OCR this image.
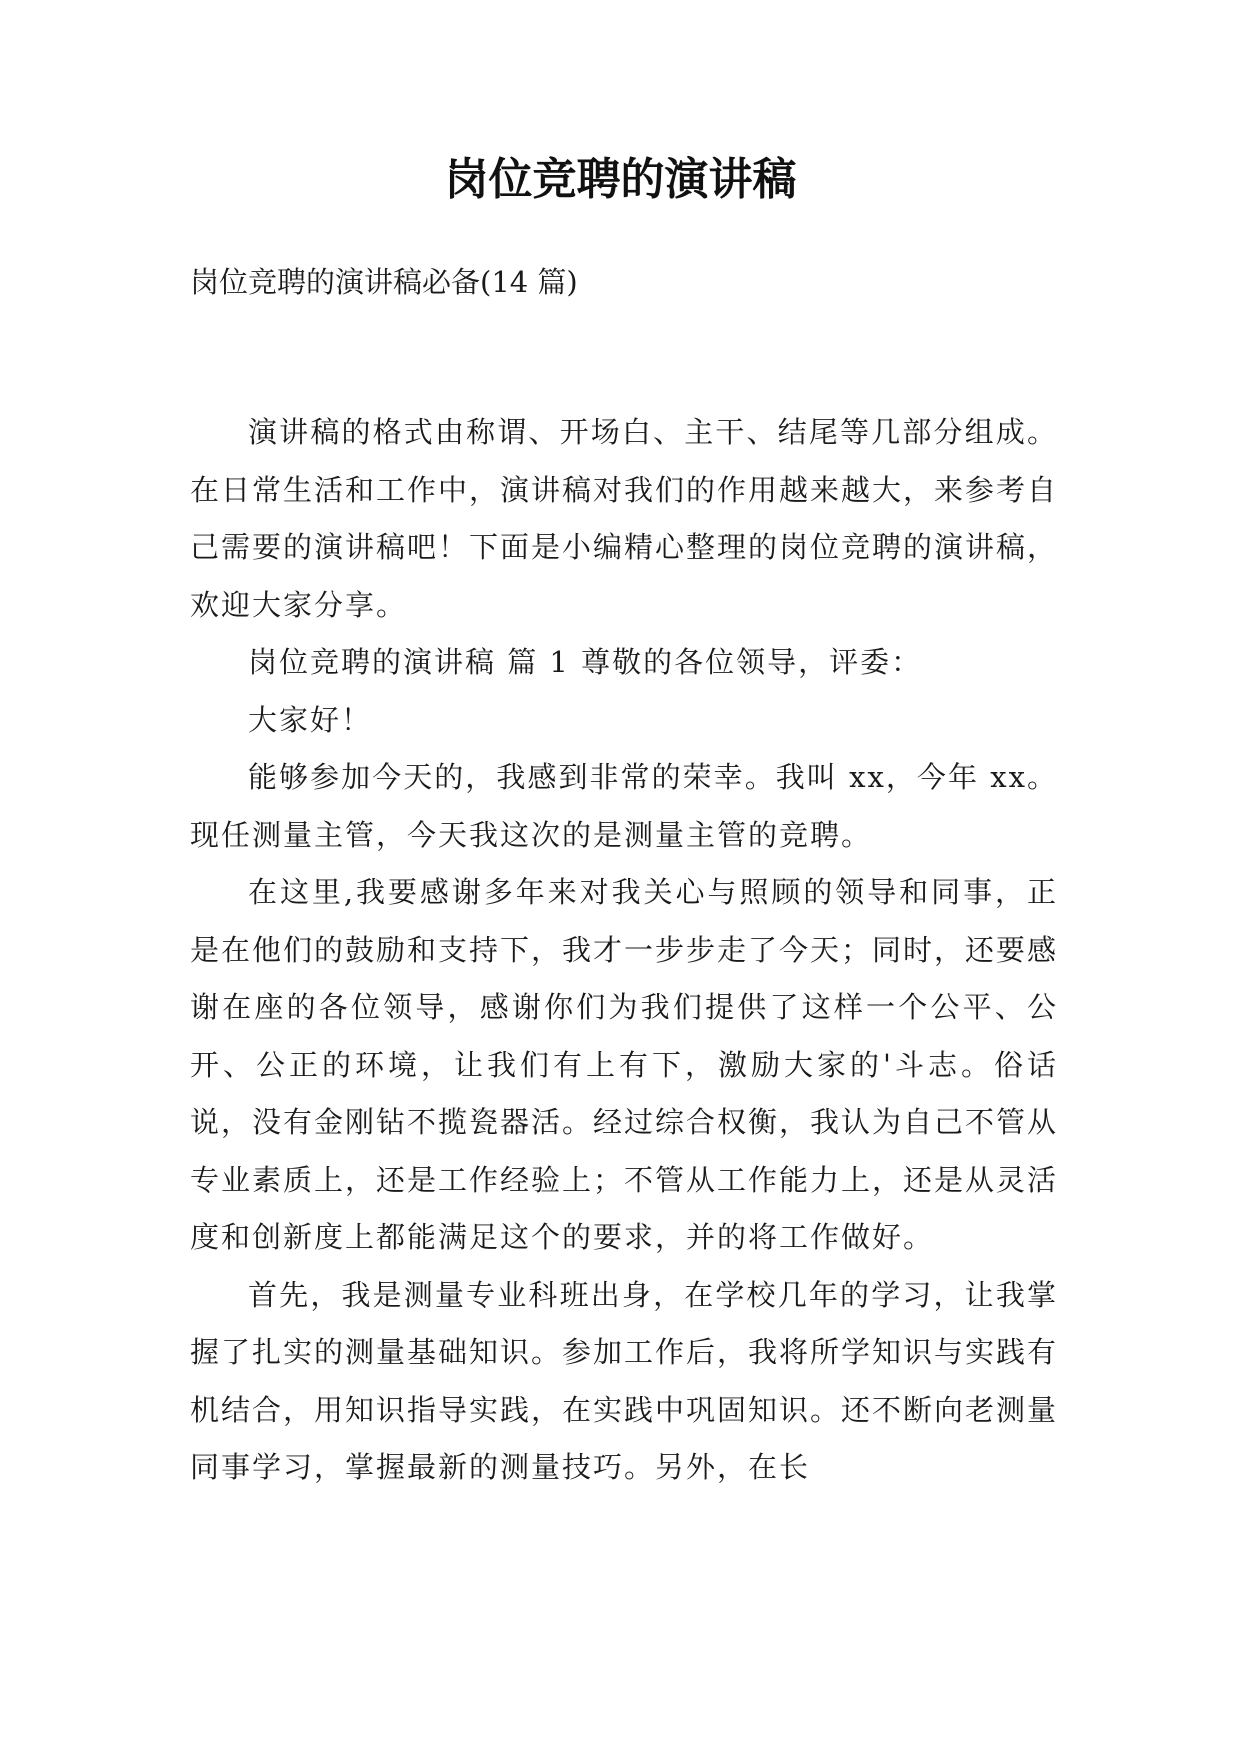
岗位竞聘的演讲稿

岗位竞聘的演讲稿必备(14 篇)

演讲稿的格式由称谓、开场白、主干、结尾等几部分组成。在日常生活和工作中，演讲稿对我们的作用越来越大，来参考自己需要的演讲稿吧！下面是小编精心整理的岗位竞聘的演讲稿，欢迎大家分享。

岗位竞聘的演讲稿 篇 1 尊敬的各位领导，评委：

大家好！

能够参加今天的，我感到非常的荣幸。我叫 xx，今年 xx。现任测量主管，今天我这次的是测量主管的竞聘。

在这里,我要感谢多年来对我关心与照顾的领导和同事，正是在他们的鼓励和支持下，我才一步步走了今天；同时，还要感谢在座的各位领导，感谢你们为我们提供了这样一个公平、公开、公正的环境，让我们有上有下，激励大家的'斗志。俗话说，没有金刚钻不揽瓷器活。经过综合权衡，我认为自己不管从专业素质上，还是工作经验上；不管从工作能力上，还是从灵活度和创新度上都能满足这个的要求，并的将工作做好。

首先，我是测量专业科班出身，在学校几年的学习，让我掌握了扎实的测量基础知识。参加工作后，我将所学知识与实践有机结合，用知识指导实践，在实践中巩固知识。还不断向老测量同事学习，掌握最新的测量技巧。另外，在长
